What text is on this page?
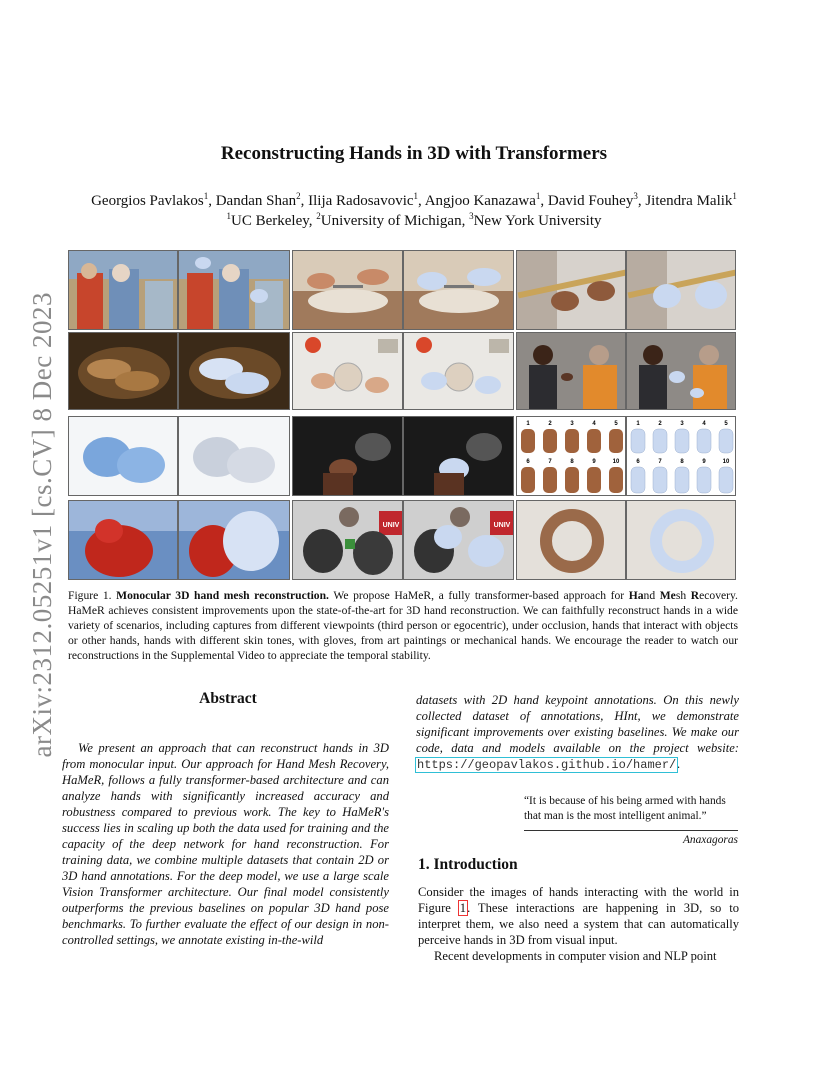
arXiv:2312.05251v1 [cs.CV] 8 Dec 2023
Reconstructing Hands in 3D with Transformers
Georgios Pavlakos$^1$, Dandan Shan$^2$, Ilija Radosavovic$^1$, Angjoo Kanazawa$^1$, David Fouhey$^3$, Jitendra Malik$^1$
$^1$UC Berkeley, $^2$University of Michigan, $^3$New York University
1	2	3	4	5
6	7	8	9	10
1	2	3	4	5
6	7	8	9	10
UNIV	UNIV
Figure 1. Monocular 3D hand mesh reconstruction. We propose HaMeR, a fully transformer-based approach for Hand Mesh Recovery. HaMeR achieves consistent improvements upon the state-of-the-art for 3D hand reconstruction. We can faithfully reconstruct hands in a wide variety of scenarios, including captures from different viewpoints (third person or egocentric), under occlusion, hands that interact with objects or other hands, hands with different skin tones, with gloves, from art paintings or mechanical hands. We encourage the reader to watch our reconstructions in the Supplemental Video to appreciate the temporal stability.
Abstract
We present an approach that can reconstruct hands in 3D from monocular input. Our approach for Hand Mesh Recovery, HaMeR, follows a fully transformer-based architecture and can analyze hands with significantly increased accuracy and robustness compared to previous work. The key to HaMeR's success lies in scaling up both the data used for training and the capacity of the deep network for hand reconstruction. For training data, we combine multiple datasets that contain 2D or 3D hand annotations. For the deep model, we use a large scale Vision Transformer architecture. Our final model consistently outperforms the previous baselines on popular 3D hand pose benchmarks. To further evaluate the effect of our design in non-controlled settings, we annotate existing in-the-wild
datasets with 2D hand keypoint annotations. On this newly collected dataset of annotations, HInt, we demonstrate significant improvements over existing baselines. We make our code, data and models available on the project website: https://geopavlakos.github.io/hamer/.
“It is because of his being armed with hands that man is the most intelligent animal.”
Anaxagoras
1. Introduction
Consider the images of hands interacting with the world in Figure 1. These interactions are happening in 3D, so to interpret them, we also need a system that can automatically perceive hands in 3D from visual input.
Recent developments in computer vision and NLP point
